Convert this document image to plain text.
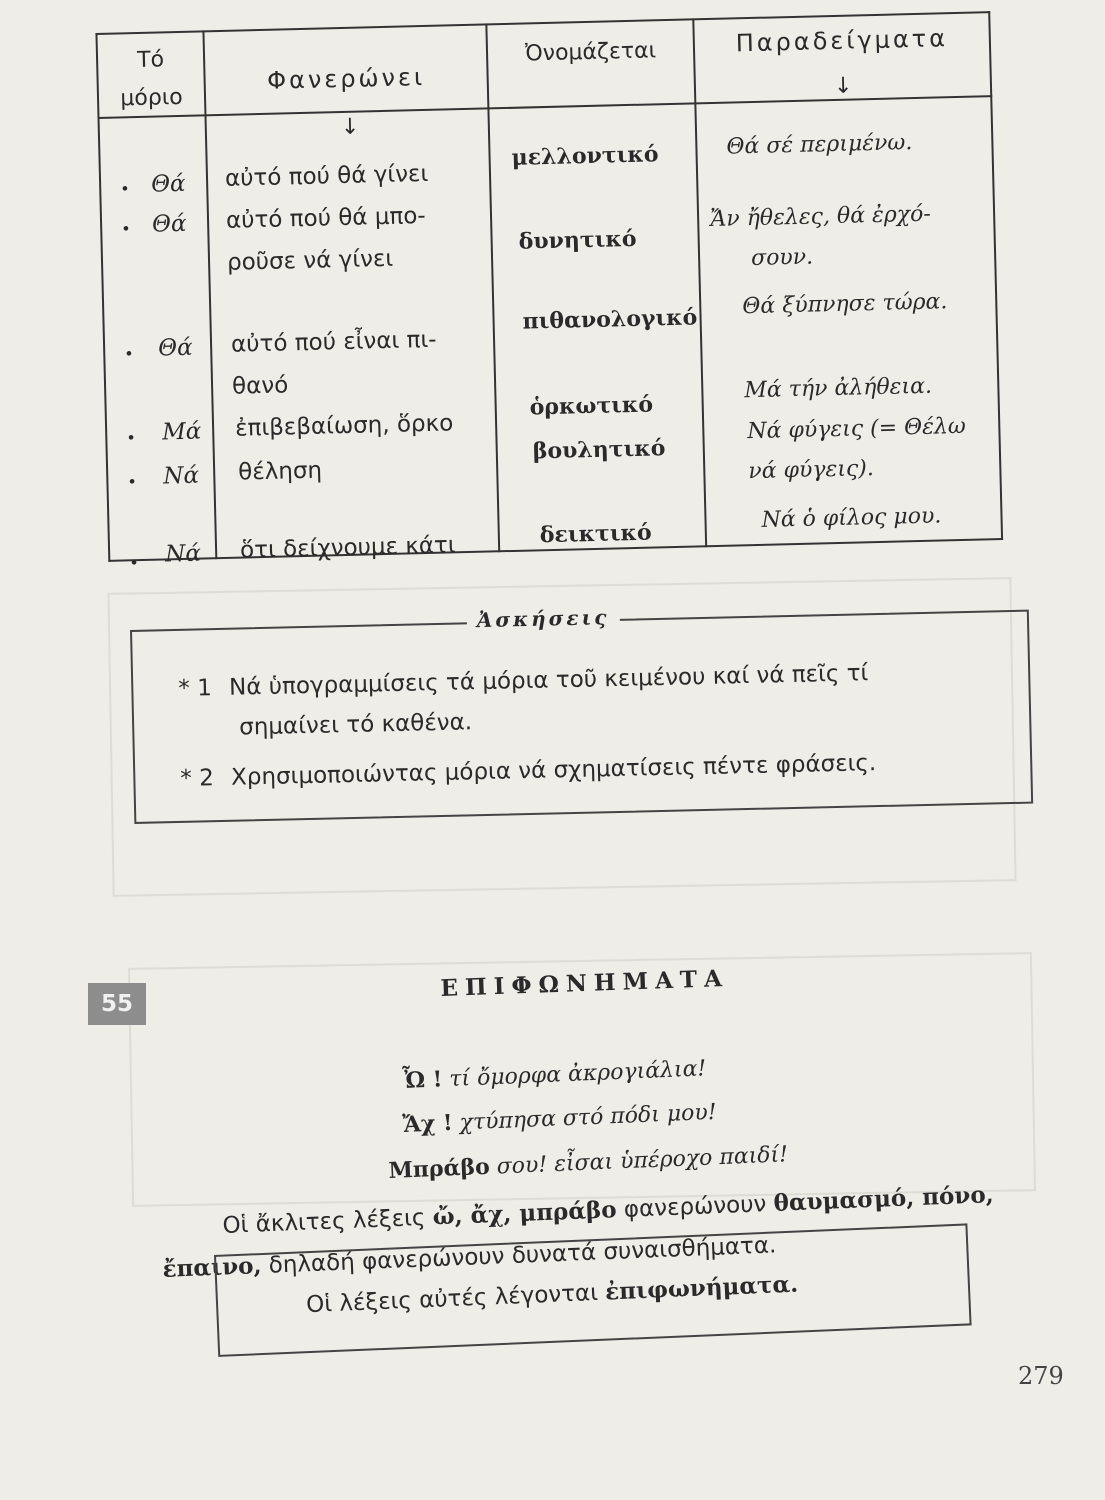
Τό
μόριο
Φανερώνει
Ὀνομάζεται	Παραδείγματα
↓
↓
• Θά
• Θά
• Θά
• Μά
• Νά
• Νά
αὐτό πού θά γίνει
αὐτό πού θά μπο-
ροῦσε νά γίνει
αὐτό πού εἶναι πι-
θανό
ἐπιβεβαίωση, ὅρκο
θέληση
ὅτι δείχνουμε κάτι
μελλοντικό
δυνητικό
πιθανολογικό
ὁρκωτικό
βουλητικό
δεικτικό
Θά σέ περιμένω.
Ἄν ἤθελες, θά ἐρχό-
σουν.
Θά ξύπνησε τώρα.
Μά τήν ἀλήθεια.
Νά φύγεις (= Θέλω
νά φύγεις).
Νά ὁ φίλος μου.
Ἀσκήσεις
* 1 Νά ὑπογραμμίσεις τά μόρια τοῦ κειμένου καί νά πεῖς τί
σημαίνει τό καθένα.
* 2 Χρησιμοποιώντας μόρια νά σχηματίσεις πέντε φράσεις.
55
ΕΠΙΦΩΝΗΜΑΤΑ
Ὦ ! τί ὄμορφα ἀκρογιάλια!
Ἄχ ! χτύπησα στό πόδι μου!
Μπράβο σου! εἶσαι ὑπέροχο παιδί!
Οἱ ἄκλιτες λέξεις ὤ, ἄχ, μπράβο φανερώνουν θαυμασμό, πόνο,
ἔπαινο, δηλαδή φανερώνουν δυνατά συναισθήματα.
Οἱ λέξεις αὐτές λέγονται ἐπιφωνήματα.
279
